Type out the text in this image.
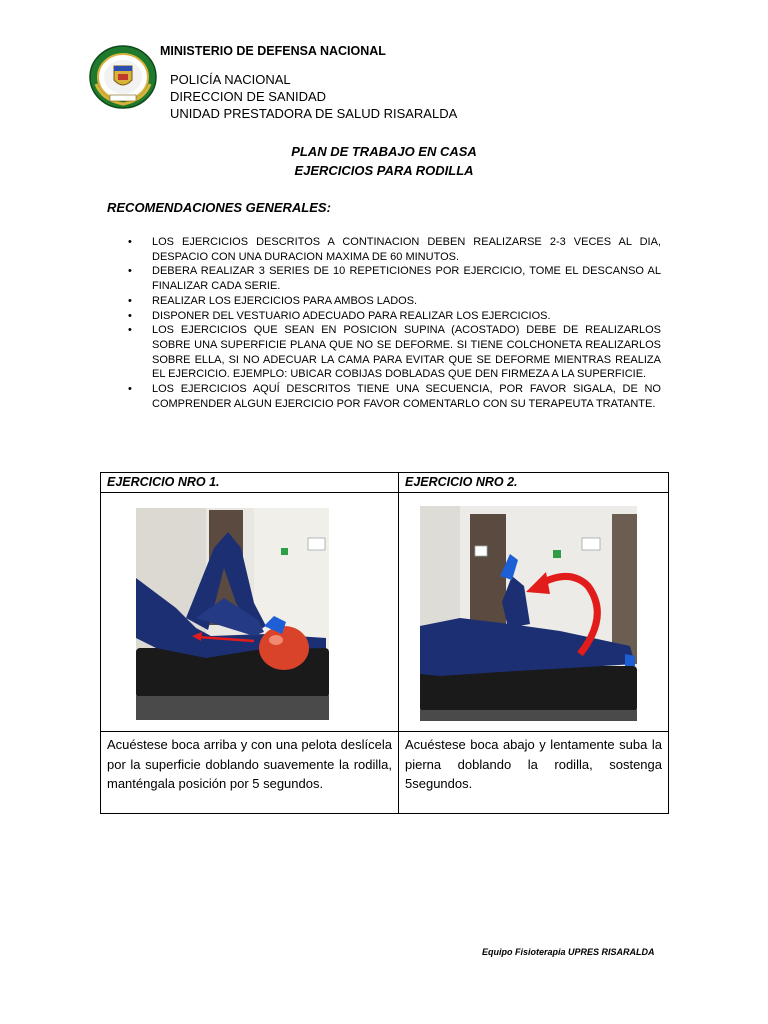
MINISTERIO DE DEFENSA NACIONAL
POLICÍA NACIONAL
DIRECCION DE SANIDAD
UNIDAD PRESTADORA DE SALUD RISARALDA
PLAN DE TRABAJO EN CASA
EJERCICIOS PARA RODILLA
RECOMENDACIONES GENERALES:
• LOS EJERCICIOS DESCRITOS A CONTINACION DEBEN REALIZARSE 2-3 VECES AL DIA, DESPACIO CON UNA DURACION MAXIMA DE 60 MINUTOS.
• DEBERA REALIZAR 3 SERIES DE 10 REPETICIONES POR EJERCICIO, TOME EL DESCANSO AL FINALIZAR CADA SERIE.
• REALIZAR LOS EJERCICIOS PARA AMBOS LADOS.
• DISPONER DEL VESTUARIO ADECUADO PARA REALIZAR LOS EJERCICIOS.
• LOS EJERCICIOS QUE SEAN EN POSICION SUPINA (ACOSTADO) DEBE DE REALIZARLOS SOBRE UNA SUPERFICIE PLANA QUE NO SE DEFORME. SI TIENE COLCHONETA REALIZARLOS SOBRE ELLA, SI NO ADECUAR LA CAMA PARA EVITAR QUE SE DEFORME MIENTRAS REALIZA EL EJERCICIO. EJEMPLO: UBICAR COBIJAS DOBLADAS QUE DEN FIRMEZA A LA SUPERFICIE.
• LOS EJERCICIOS AQUÍ DESCRITOS TIENE UNA SECUENCIA, POR FAVOR SIGALA, DE NO COMPRENDER ALGUN EJERCICIO POR FAVOR COMENTARLO CON SU TERAPEUTA TRATANTE.
EJERCICIO NRO 1.	EJERCICIO NRO 2.

Acuéstese boca arriba y con una pelota deslícela por la superficie doblando suavemente la rodilla, manténgala posición por 5 segundos.	Acuéstese boca abajo y lentamente suba la pierna doblando la rodilla, sostenga 5segundos.
Equipo Fisioterapia UPRES RISARALDA
